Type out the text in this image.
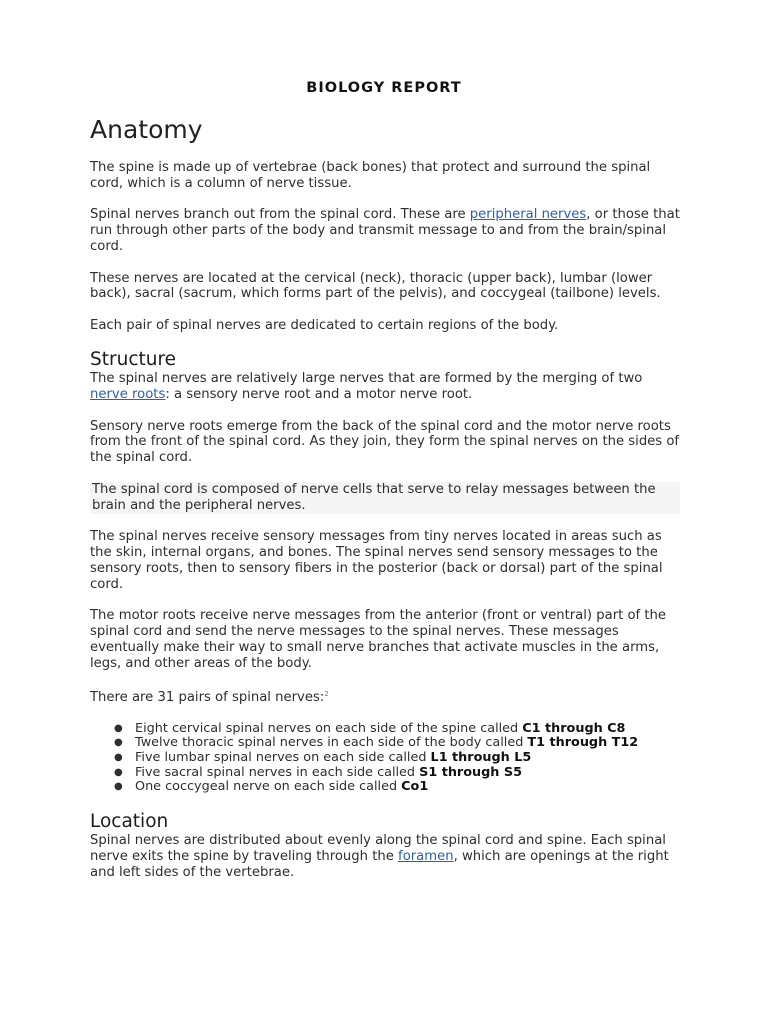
BIOLOGY REPORT
Anatomy

The spine is made up of vertebrae (back bones) that protect and surround the spinal cord, which is a column of nerve tissue.

Spinal nerves branch out from the spinal cord. These are peripheral nerves, or those that run through other parts of the body and transmit message to and from the brain/spinal cord.

These nerves are located at the cervical (neck), thoracic (upper back), lumbar (lower back), sacral (sacrum, which forms part of the pelvis), and coccygeal (tailbone) levels.

Each pair of spinal nerves are dedicated to certain regions of the body.

Structure

The spinal nerves are relatively large nerves that are formed by the merging of two nerve roots: a sensory nerve root and a motor nerve root.

Sensory nerve roots emerge from the back of the spinal cord and the motor nerve roots from the front of the spinal cord. As they join, they form the spinal nerves on the sides of the spinal cord.

The spinal cord is composed of nerve cells that serve to relay messages between the brain and the peripheral nerves.

The spinal nerves receive sensory messages from tiny nerves located in areas such as the skin, internal organs, and bones. The spinal nerves send sensory messages to the sensory roots, then to sensory fibers in the posterior (back or dorsal) part of the spinal cord.

The motor roots receive nerve messages from the anterior (front or ventral) part of the spinal cord and send the nerve messages to the spinal nerves. These messages eventually make their way to small nerve branches that activate muscles in the arms, legs, and other areas of the body.

There are 31 pairs of spinal nerves:$^2$

● Eight cervical spinal nerves on each side of the spine called C1 through C8
● Twelve thoracic spinal nerves in each side of the body called T1 through T12
● Five lumbar spinal nerves on each side called L1 through L5
● Five sacral spinal nerves in each side called S1 through S5
● One coccygeal nerve on each side called Co1
Location

Spinal nerves are distributed about evenly along the spinal cord and spine. Each spinal nerve exits the spine by traveling through the foramen, which are openings at the right and left sides of the vertebrae.
